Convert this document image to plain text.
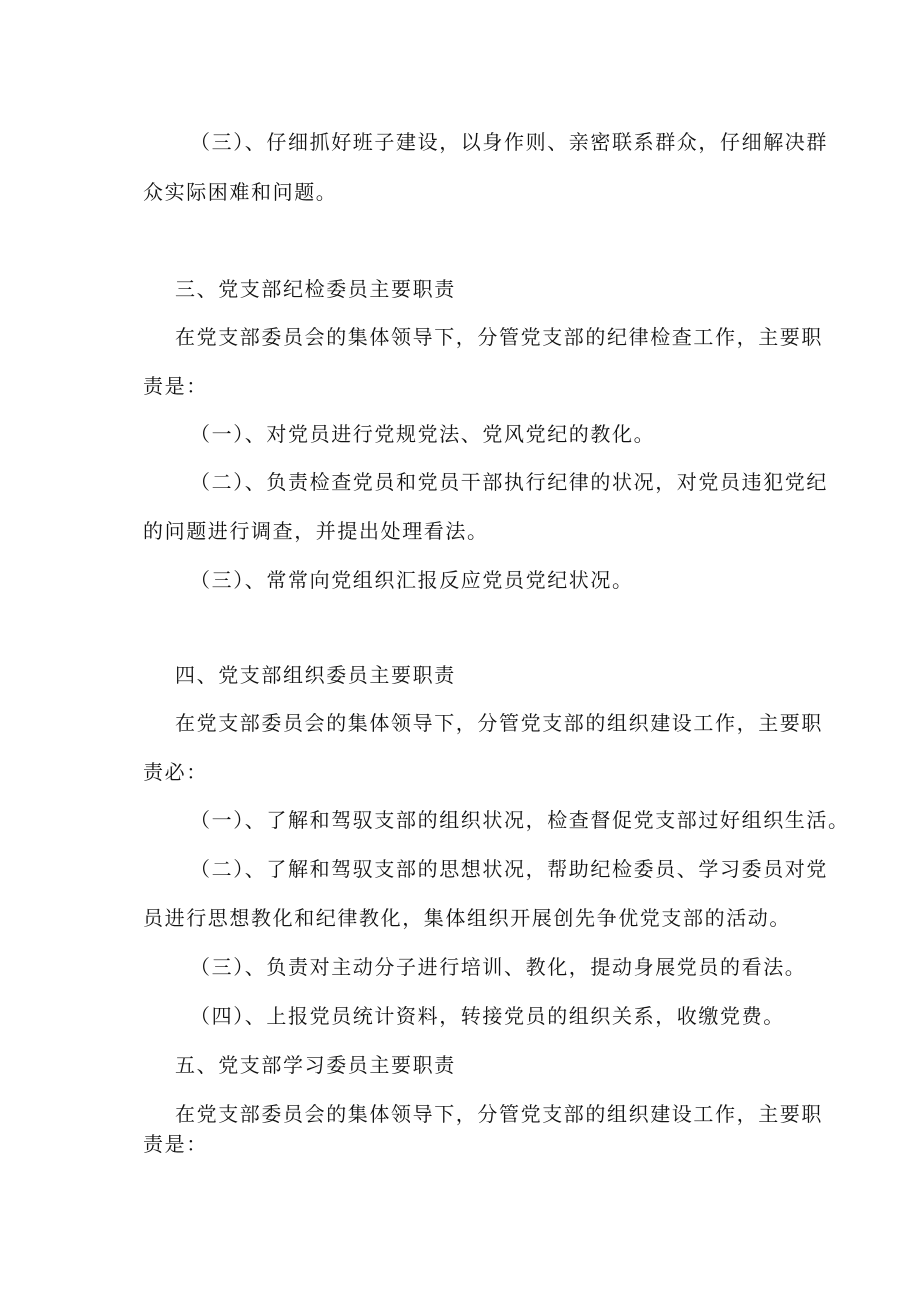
（三）、仔细抓好班子建设，以身作则、亲密联系群众，仔细解决群
众实际困难和问题。
三、党支部纪检委员主要职责
在党支部委员会的集体领导下，分管党支部的纪律检查工作，主要职
责是：
（一）、对党员进行党规党法、党风党纪的教化。
（二）、负责检查党员和党员干部执行纪律的状况，对党员违犯党纪
的问题进行调查，并提出处理看法。
（三）、常常向党组织汇报反应党员党纪状况。
四、党支部组织委员主要职责
在党支部委员会的集体领导下，分管党支部的组织建设工作，主要职
责必：
（一）、了解和驾驭支部的组织状况，检查督促党支部过好组织生活。
（二）、了解和驾驭支部的思想状况，帮助纪检委员、学习委员对党
员进行思想教化和纪律教化，集体组织开展创先争优党支部的活动。
（三）、负责对主动分子进行培训、教化，提动身展党员的看法。
（四）、上报党员统计资料，转接党员的组织关系，收缴党费。
五、党支部学习委员主要职责
在党支部委员会的集体领导下，分管党支部的组织建设工作，主要职
责是：
